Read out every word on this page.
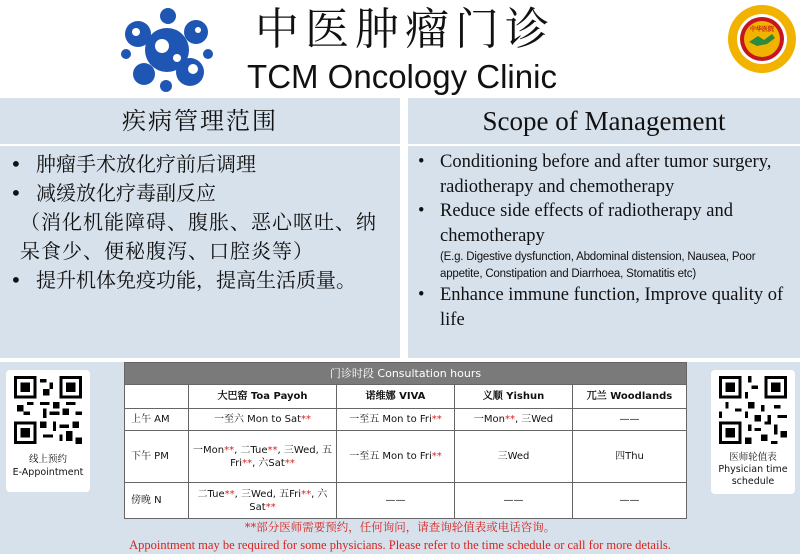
中医肿瘤门诊
TCM Oncology Clinic
中华医院
疾病管理范围	Scope of Management
• 肿瘤手术放化疗前后调理
• 减缓放化疗毒副反应
（消化机能障碍、腹胀、恶心呕吐、纳呆食少、便秘腹泻、口腔炎等）
• 提升机体免疫功能，提高生活质量。
• Conditioning before and after tumor surgery, radiotherapy and chemotherapy
• Reduce side effects of radiotherapy and chemotherapy
(E.g. Digestive dysfunction, Abdominal distension, Nausea, Poor appetite, Constipation and Diarrhoea, Stomatitis etc)
• Enhance immune function, Improve quality of life
线上预约
E-Appointment
门诊时段 Consultation hours				
	大巴窑 Toa Payoh	诺维娜 VIVA	义顺 Yishun	兀兰 Woodlands
上午 AM	一至六 Mon to Sat**	一至五 Mon to Fri**	一Mon**, 三Wed	——
下午 PM	一Mon**, 二Tue**, 三Wed, 五Fri**, 六Sat**	一至五 Mon to Fri**	三Wed	四Thu
傍晚 N	二Tue**, 三Wed, 五Fri**, 六Sat**	——	——	——
医师轮值表
Physician time schedule
**部分医师需要预约，任何询问，请查询轮值表或电话咨询。
Appointment may be required for some physicians. Please refer to the time schedule or call for more details.
